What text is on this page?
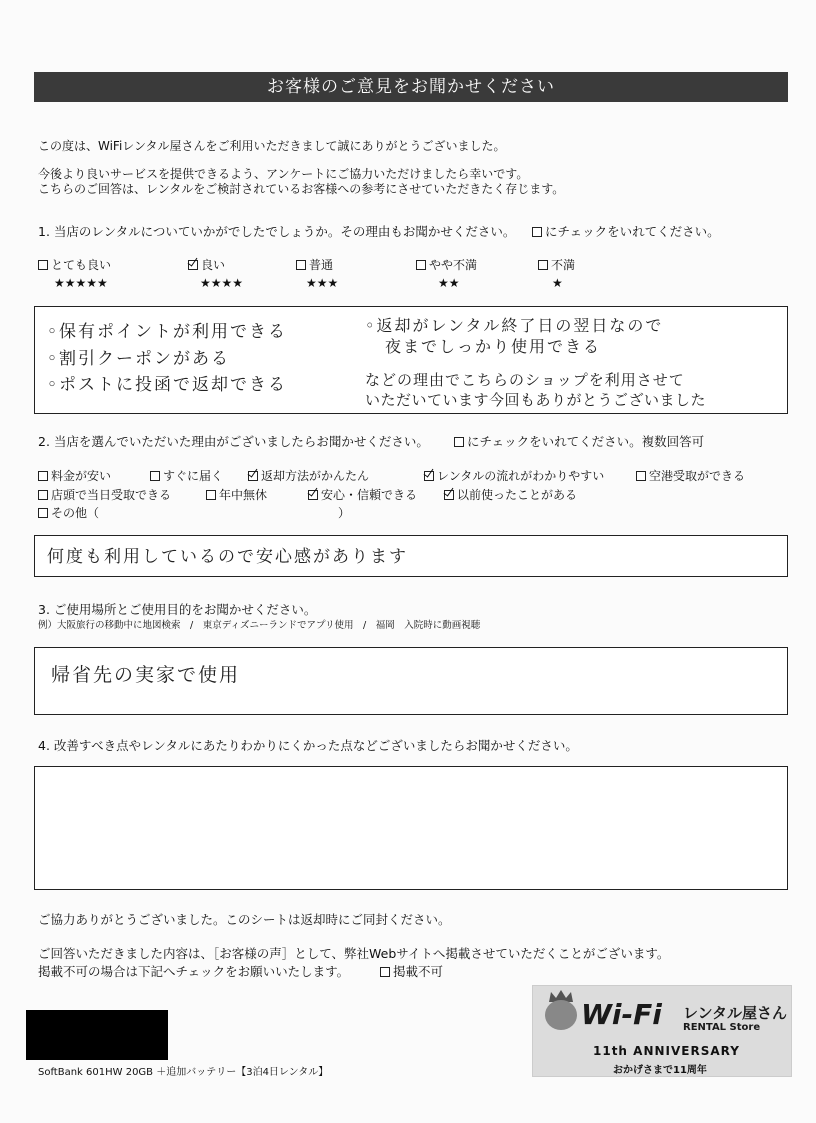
お客様のご意見をお聞かせください
この度は、WiFiレンタル屋さんをご利用いただきまして誠にありがとうございました。
今後より良いサービスを提供できるよう、アンケートにご協力いただけましたら幸いです。
こちらのご回答は、レンタルをご検討されているお客様への参考にさせていただきたく存じます。
1. 当店のレンタルについていかがでしたでしょうか。その理由もお聞かせください。	にチェックをいれてください。
とても良い
★★★★★
良い
★★★★
普通
★★★
やや不満
★★
不満
★
◦保有ポイントが利用できる
◦割引クーポンがある
◦ポストに投函で返却できる
◦返却がレンタル終了日の翌日なので
夜までしっかり使用できる
などの理由でこちらのショップを利用させて
いただいています今回もありがとうございました
2. 当店を選んでいただいた理由がございましたらお聞かせください。	にチェックをいれてください。複数回答可
料金が安い	すぐに届く	返却方法がかんたん	レンタルの流れがわかりやすい	空港受取ができる
店頭で当日受取できる	年中無休	安心・信頼できる	以前使ったことがある
その他（	）
何度も利用しているので安心感があります
3. ご使用場所とご使用目的をお聞かせください。
例）大阪旅行の移動中に地図検索　/　東京ディズニーランドでアプリ使用　/　福岡　入院時に動画視聴
帰省先の実家で使用
4. 改善すべき点やレンタルにあたりわかりにくかった点などございましたらお聞かせください。
ご協力ありがとうございました。このシートは返却時にご同封ください。
ご回答いただきました内容は、［お客様の声］として、弊社Webサイトへ掲載させていただくことがございます。
掲載不可の場合は下記へチェックをお願いいたします。	掲載不可
SoftBank 601HW 20GB ＋追加バッテリー【3泊4日レンタル】
Wi-Fi レンタル屋さん
RENTAL Store
11th ANNIVERSARY
おかげさまで11周年
